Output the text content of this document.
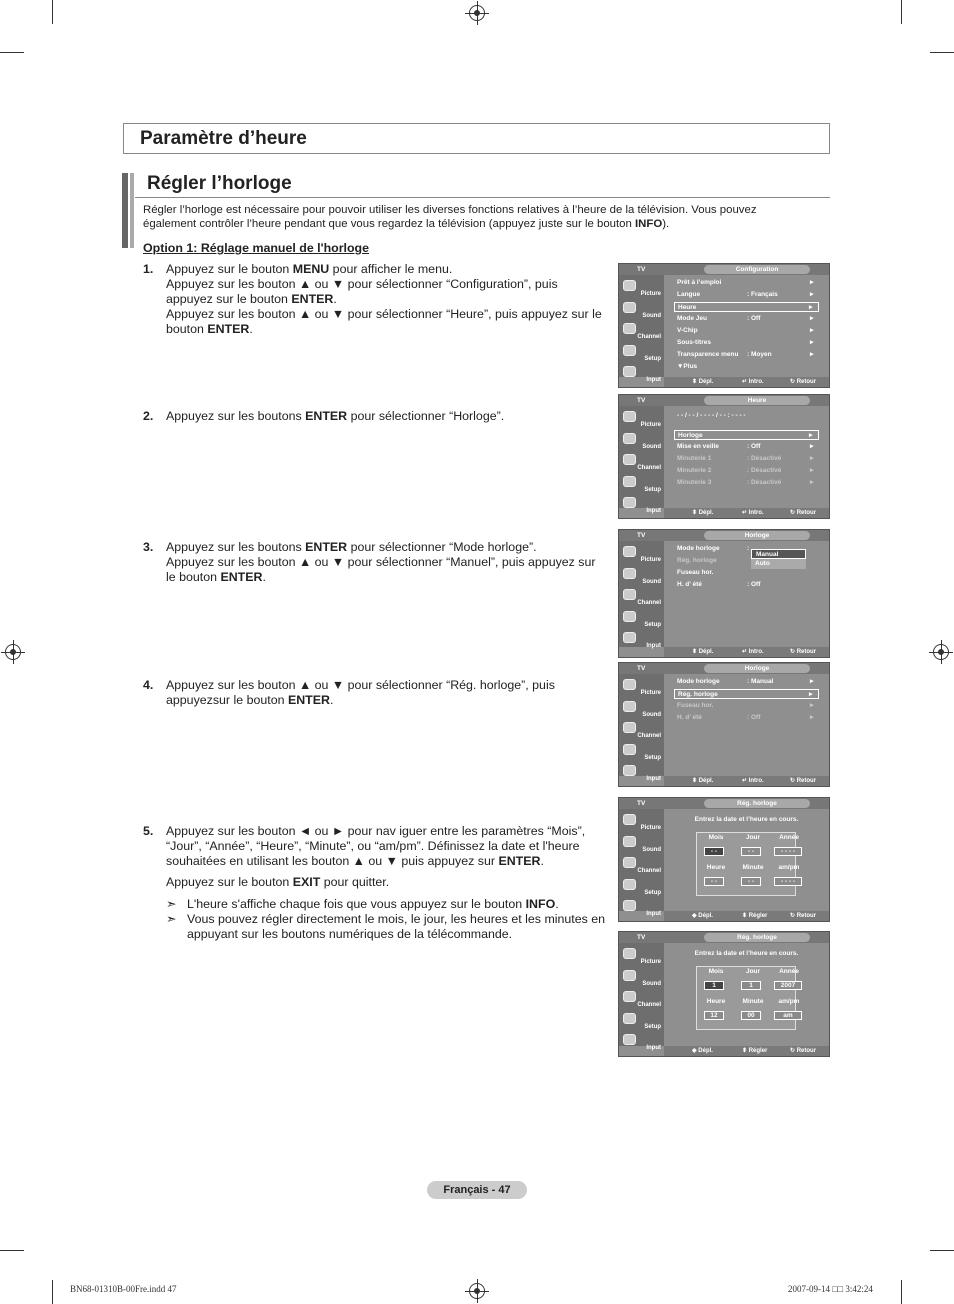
Paramètre d’heure
Régler l’horloge
Régler l’horloge est nécessaire pour pouvoir utiliser les diverses fonctions relatives à l’heure de la télévision. Vous pouvez
également contrôler l’heure pendant que vous regardez la télévision (appuyez juste sur le bouton INFO).
Option 1: Réglage manuel de l'horloge
1. Appuyez sur le bouton MENU pour afficher le menu.
Appuyez sur les bouton ▲ ou ▼ pour sélectionner “Configuration”, puis appuyez sur le bouton ENTER.
Appuyez sur les bouton ▲ ou ▼ pour sélectionner “Heure”, puis appuyez sur le bouton ENTER.
2. Appuyez sur les boutons ENTER pour sélectionner “Horloge”.
3. Appuyez sur les boutons ENTER pour sélectionner “Mode horloge”.
Appuyez sur les bouton ▲ ou ▼ pour sélectionner “Manuel”, puis appuyez sur le bouton ENTER.
4. Appuyez sur les bouton ▲ ou ▼ pour sélectionner “Rég. horloge”, puis appuyezsur le bouton ENTER.
5. Appuyez sur les bouton ◄ ou ► pour nav iguer entre les paramètres “Mois”, “Jour”, “Année”, “Heure”, “Minute”, ou “am/pm”. Définissez la date et l'heure souhaitées en utilisant les bouton ▲ ou ▼ puis appuyez sur ENTER.

Appuyez sur le bouton EXIT pour quitter.
➣ L'heure s'affiche chaque fois que vous appuyez sur le bouton INFO.
➣ Vous pouvez régler directement le mois, le jour, les heures et les minutes en appuyant sur les boutons numériques de la télécommande.
TV	Configuration
Picture
Sound
Channel
Setup
Input
Prêt à l’emploi	►
Langue	: Français	►
Heure	►
Mode Jeu	: Off	►
V-Chip	►
Sous-titres	►
Transparence menu : Moyen	►
▼Plus
⬍ Dépl.	↵ Intro.	↻ Retour
TV	Heure
Picture
Sound
Channel
Setup
Input
- - / - - / - - - - / - - : - - - -
Horloge	►
Mise en veille	: Off	►
Minuterie 1	: Désactivé	►
Minuterie 2	: Désactivé	►
Minuterie 3	: Désactivé	►
⬍ Dépl.	↵ Intro.	↻ Retour
TV	Horloge
Picture
Sound
Channel
Setup
Input
Mode horloge	:
Rég. horloge
Fuseau hor.
H. d’ été	: Off
Manual
Auto
⬍ Dépl.	↵ Intro.	↻ Retour
TV	Horloge
Picture
Sound
Channel
Setup
Input
Mode horloge	: Manual	►
Rég. horloge	►
Fuseau hor.	►
H. d’ été	: Off	►
⬍ Dépl.	↵ Intro.	↻ Retour
TV	Rég. horloge
Picture
Sound
Channel
Setup
Input
Entrez la date et l’heure en cours.
Mois	Jour	Année
- -	- -	- - - -
Heure	Minute	am/pm
- -	- -	- - - -
◆ Dépl.	⬍ Régler	↻ Retour
TV	Rég. horloge
Picture
Sound
Channel
Setup
Input
Entrez la date et l’heure en cours.
Mois	Jour	Année
1	1	2007
Heure	Minute	am/pm
12	00	am
◆ Dépl.	⬍ Régler	↻ Retour
Français - 47
BN68-01310B-00Fre.indd 47	2007-09-14 □□ 3:42:24
